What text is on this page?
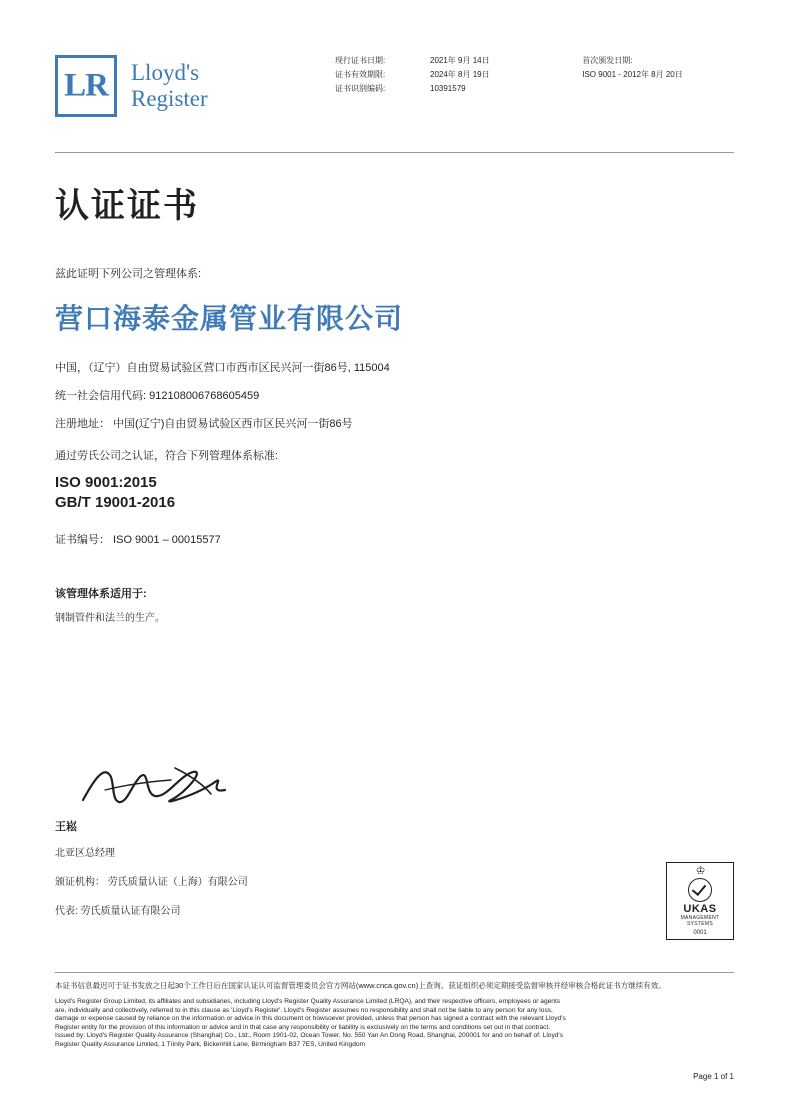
LR Lloyd's
Register
现行证书日期:	2021年 9月 14日
证书有效期限:	2024年 8月 19日
证书识别编码:	10391579

首次颁发日期:
ISO 9001 - 2012年 8月 20日
认证证书
兹此证明下列公司之管理体系:
营口海泰金属管业有限公司
中国，（辽宁）自由贸易试验区营口市西市区民兴河一街86号, 115004
统一社会信用代码: 912108006768605459
注册地址： 中国(辽宁)自由贸易试验区西市区民兴河一街86号
通过劳氏公司之认证，符合下列管理体系标准:
ISO 9001:2015
GB/T 19001-2016
证书编号： ISO 9001 – 00015577
该管理体系适用于:
钢制管件和法兰的生产。
王崧
北亚区总经理
颁证机构： 劳氏质量认证（上海）有限公司
代表: 劳氏质量认证有限公司
♔
UKAS
MANAGEMENT
SYSTEMS
0001
本证书信息最迟可于证书发放之日起30个工作日后在国家认证认可监督管理委员会官方网站(www.cnca.gov.cn)上查询。获证组织必须定期接受监督审核并经审核合格此证书方继续有效。
Lloyd's Register Group Limited, its affiliates and subsidiaries, including Lloyd's Register Quality Assurance Limited (LRQA), and their respective officers, employees or agents
are, individually and collectively, referred to in this clause as 'Lloyd's Register'. Lloyd's Register assumes no responsibility and shall not be liable to any person for any loss,
damage or expense caused by reliance on the information or advice in this document or howsoever provided, unless that person has signed a contract with the relevant Lloyd's
Register entity for the provision of this information or advice and in that case any responsibility or liability is exclusively on the terms and conditions set out in that contract.
Issued by: Lloyd's Register Quality Assurance (Shanghai) Co., Ltd., Room 1901-02, Ocean Tower, No. 550 Yan An Dong Road, Shanghai, 200001 for and on behalf of: Lloyd's
Register Quality Assurance Limited, 1 Trinity Park, Bickenhill Lane, Birmingham B37 7ES, United Kingdom
Page 1 of 1
